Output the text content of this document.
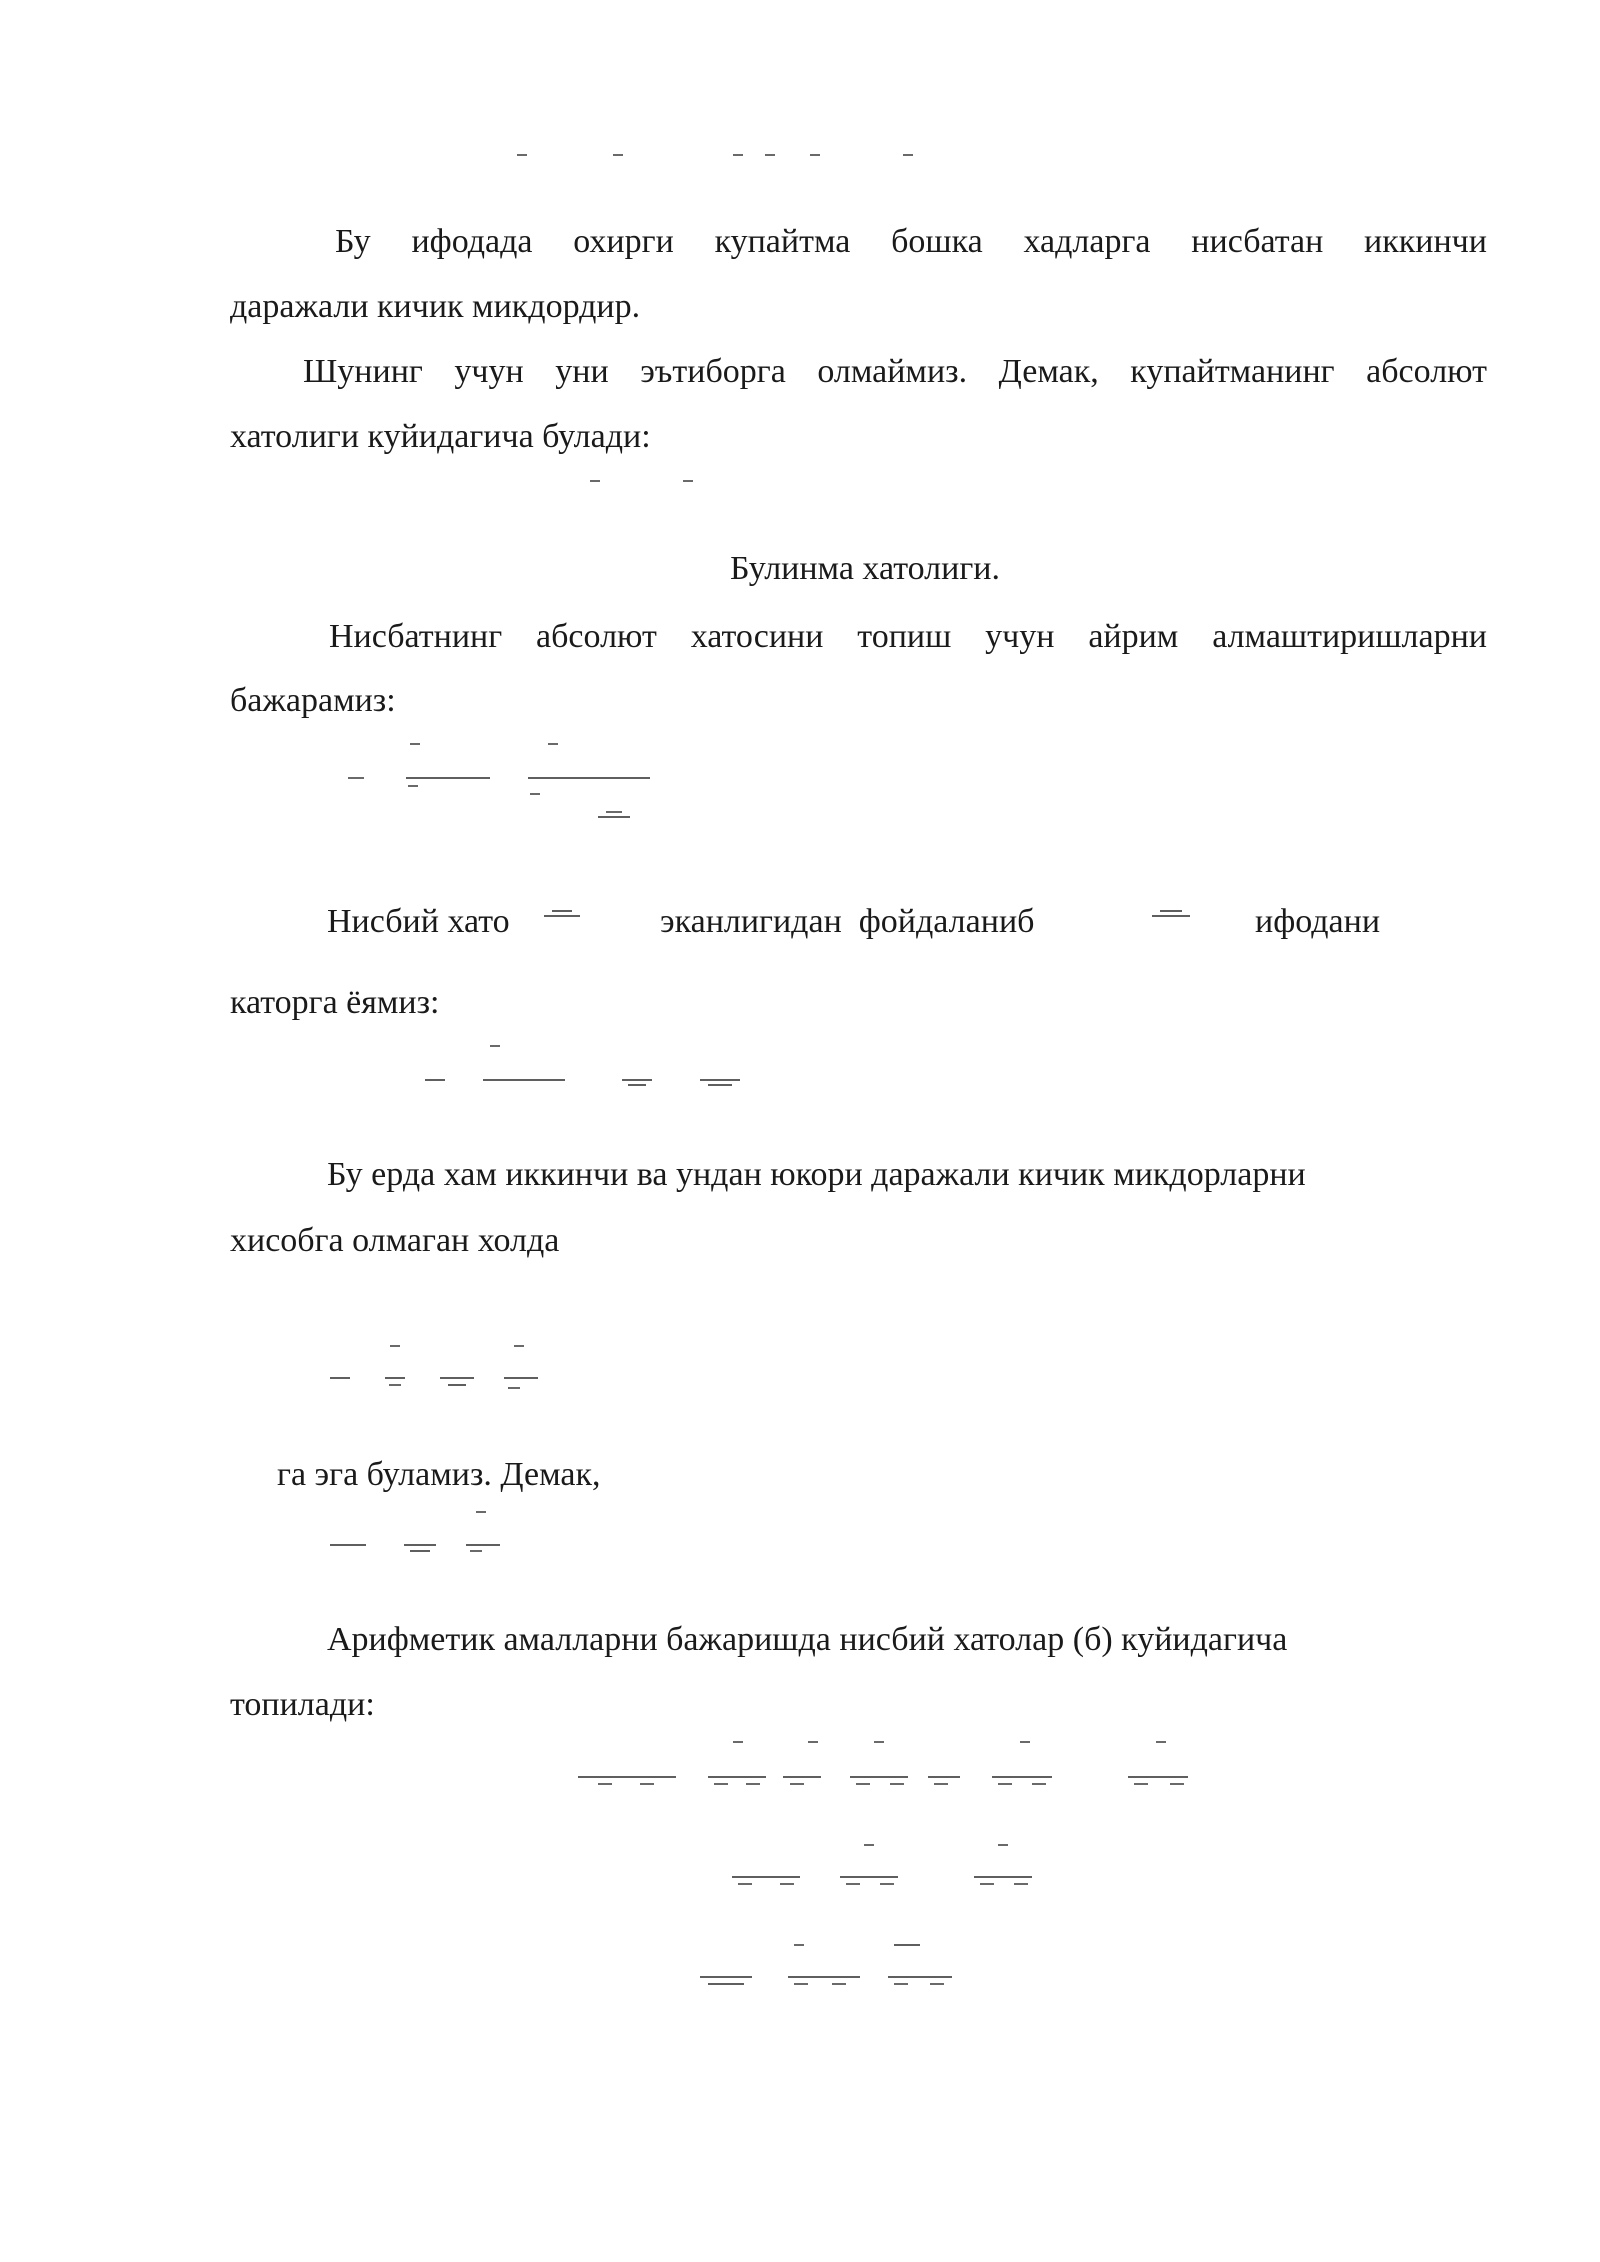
Бу ифодада охирги купайтма бошка хадларга нисбатан иккинчи
даражали кичик микдордир.
Шунинг учун уни эътиборга олмаймиз. Демак, купайтманинг абсолют
хатолиги куйидагича булади:
Булинма хатолиги.
Нисбатнинг абсолют хатосини топиш учун айрим алмаштиришларни
бажарамиз:
Нисбий хато	эканлигидан  фойдаланиб	ифодани
каторга ёямиз:
Бу ерда хам иккинчи ва ундан юкори даражали кичик микдорларни
хисобга олмаган холда
га эга буламиз. Демак,
Арифметик амалларни бажаришда нисбий хатолар (б) куйидагича
топилади:
